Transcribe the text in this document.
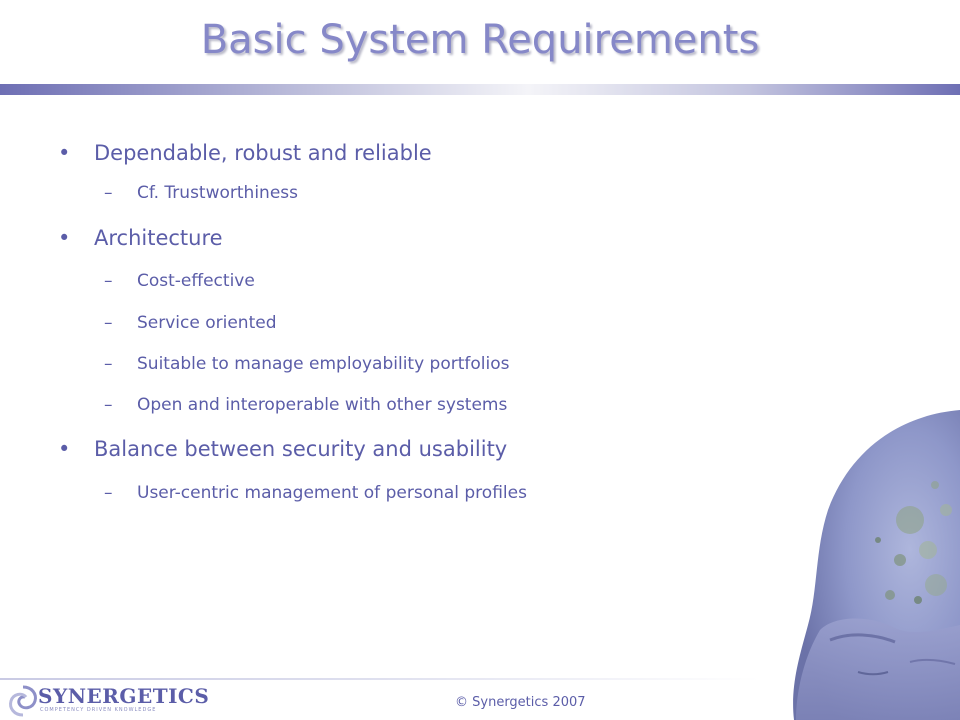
Basic System Requirements
•	Dependable, robust and reliable
–	Cf. Trustworthiness
•	Architecture
–	Cost-effective
–	Service oriented
–	Suitable to manage employability portfolios
–	Open and interoperable with other systems
•	Balance between security and usability
–	User-centric management of personal profiles
SYNERGETICS
COMPETENCY DRIVEN KNOWLEDGE	© Synergetics 2007
